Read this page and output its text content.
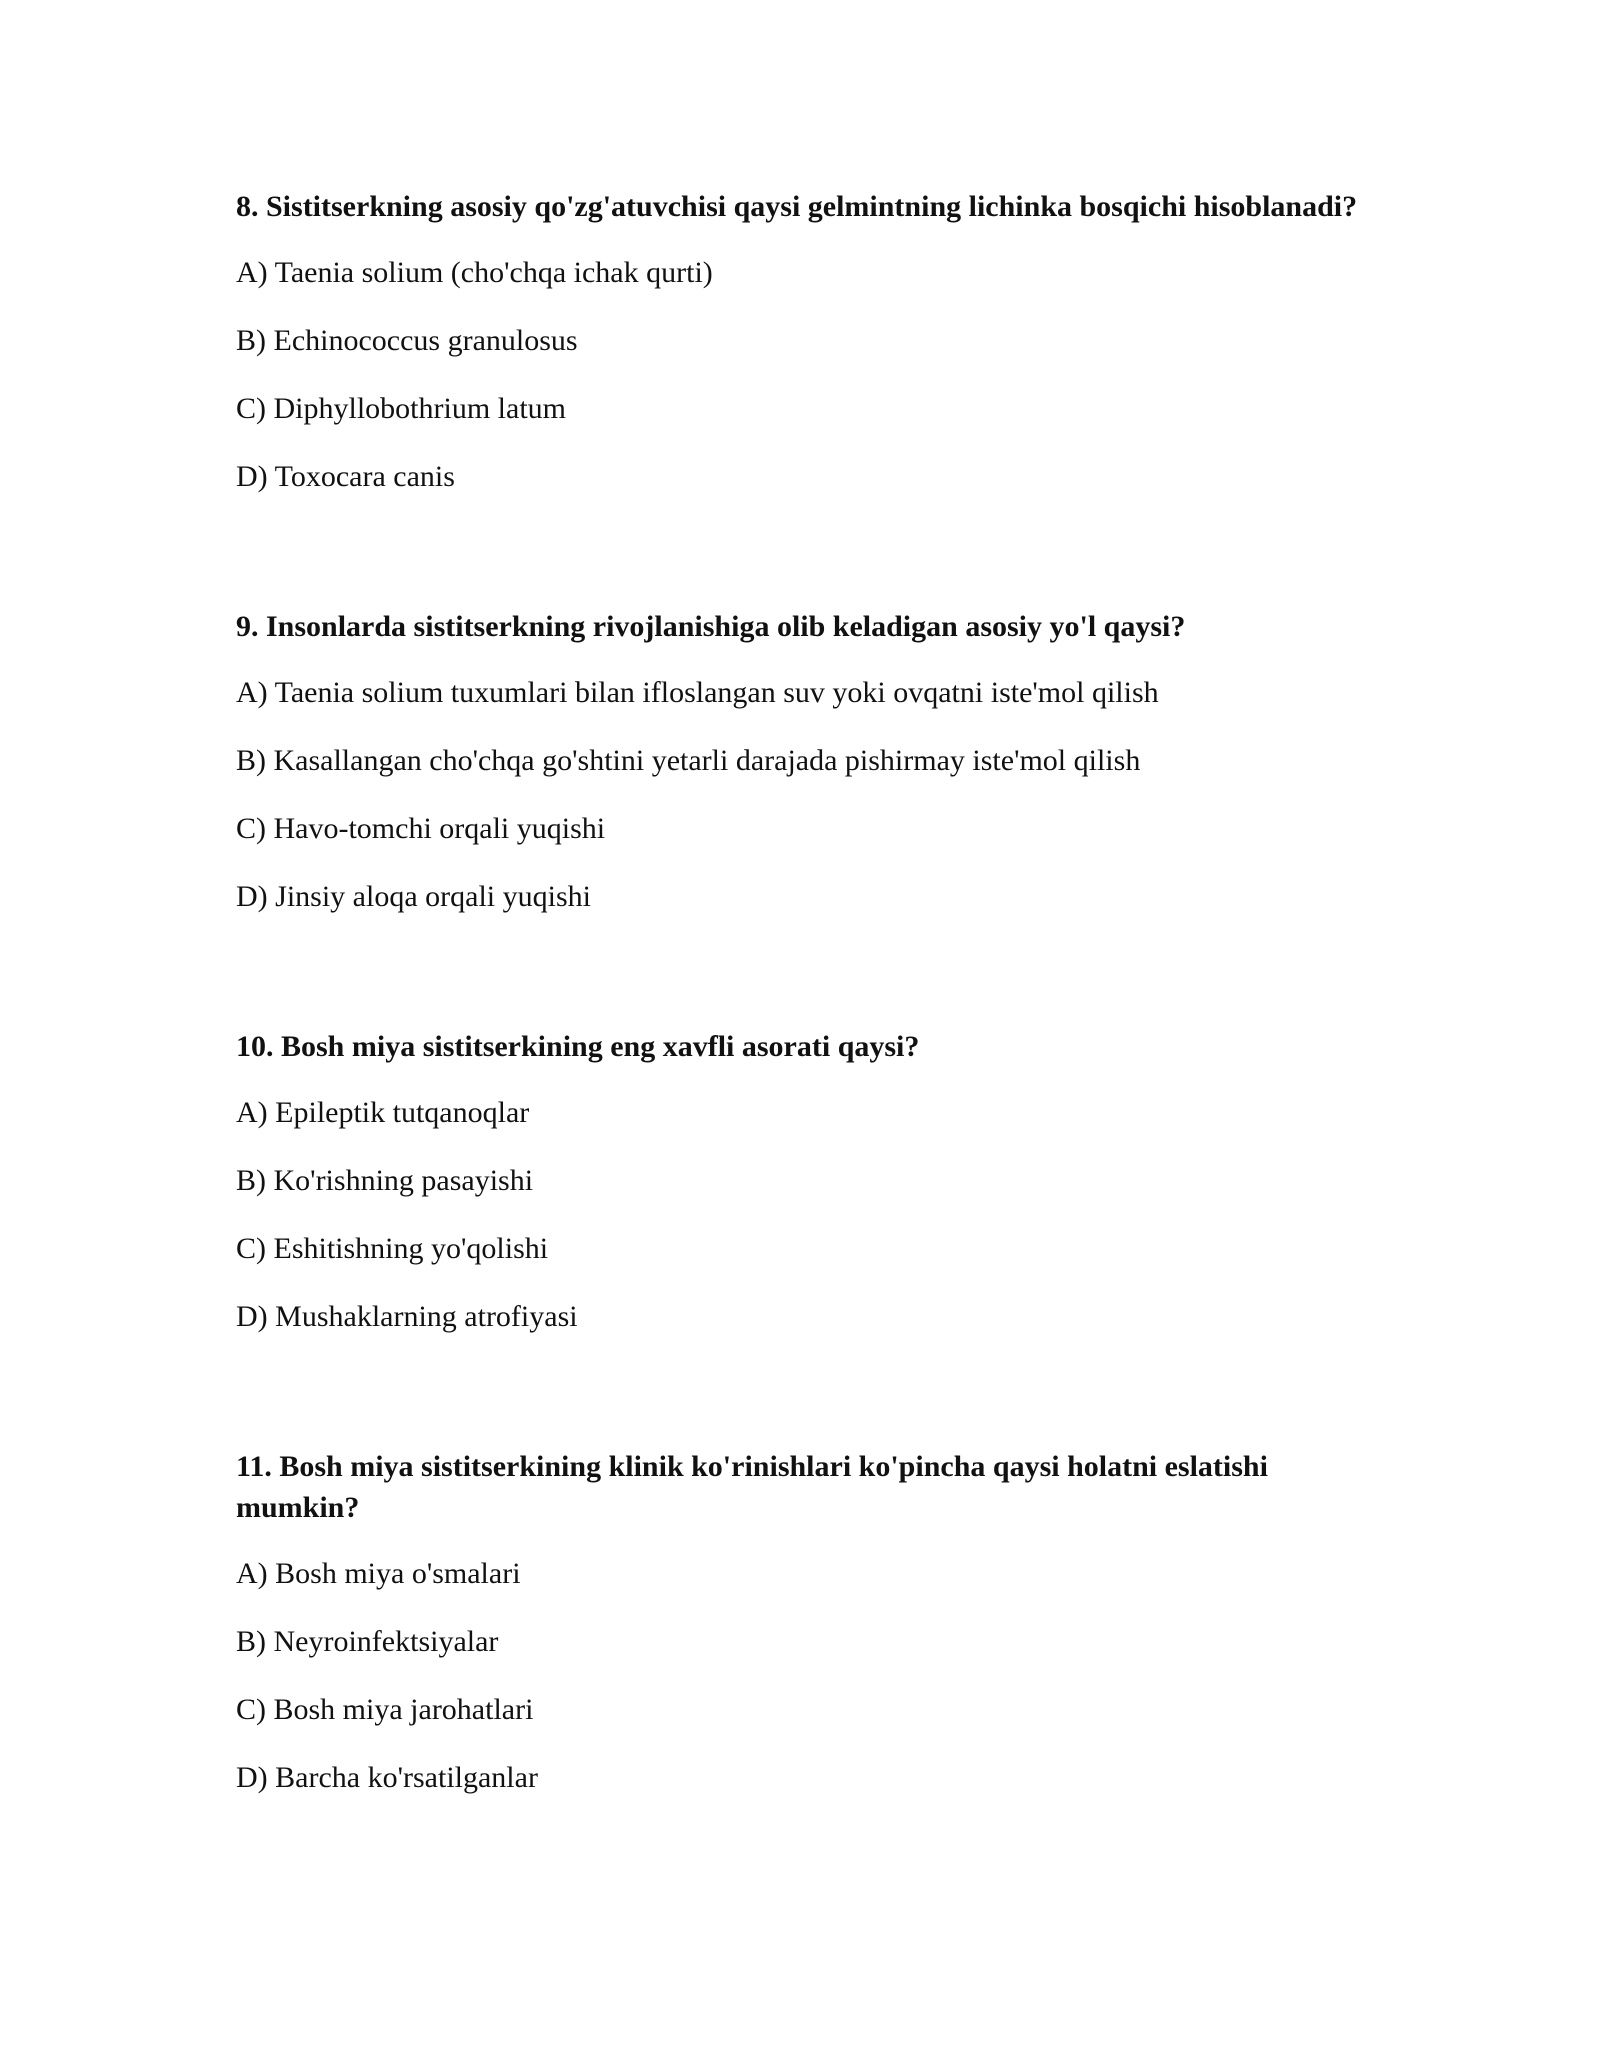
8. Sistitserkning asosiy qo'zg'atuvchisi qaysi gelmintning lichinka bosqichi hisoblanadi?

A) Taenia solium (cho'chqa ichak qurti)

B) Echinococcus granulosus

C) Diphyllobothrium latum

D) Toxocara canis

9. Insonlarda sistitserkning rivojlanishiga olib keladigan asosiy yo'l qaysi?

A) Taenia solium tuxumlari bilan ifloslangan suv yoki ovqatni iste'mol qilish

B) Kasallangan cho'chqa go'shtini yetarli darajada pishirmay iste'mol qilish

C) Havo-tomchi orqali yuqishi

D) Jinsiy aloqa orqali yuqishi

10. Bosh miya sistitserkining eng xavfli asorati qaysi?

A) Epileptik tutqanoqlar

B) Ko'rishning pasayishi

C) Eshitishning yo'qolishi

D) Mushaklarning atrofiyasi

11. Bosh miya sistitserkining klinik ko'rinishlari ko'pincha qaysi holatni eslatishi mumkin?

A) Bosh miya o'smalari

B) Neyroinfektsiyalar

C) Bosh miya jarohatlari

D) Barcha ko'rsatilganlar
